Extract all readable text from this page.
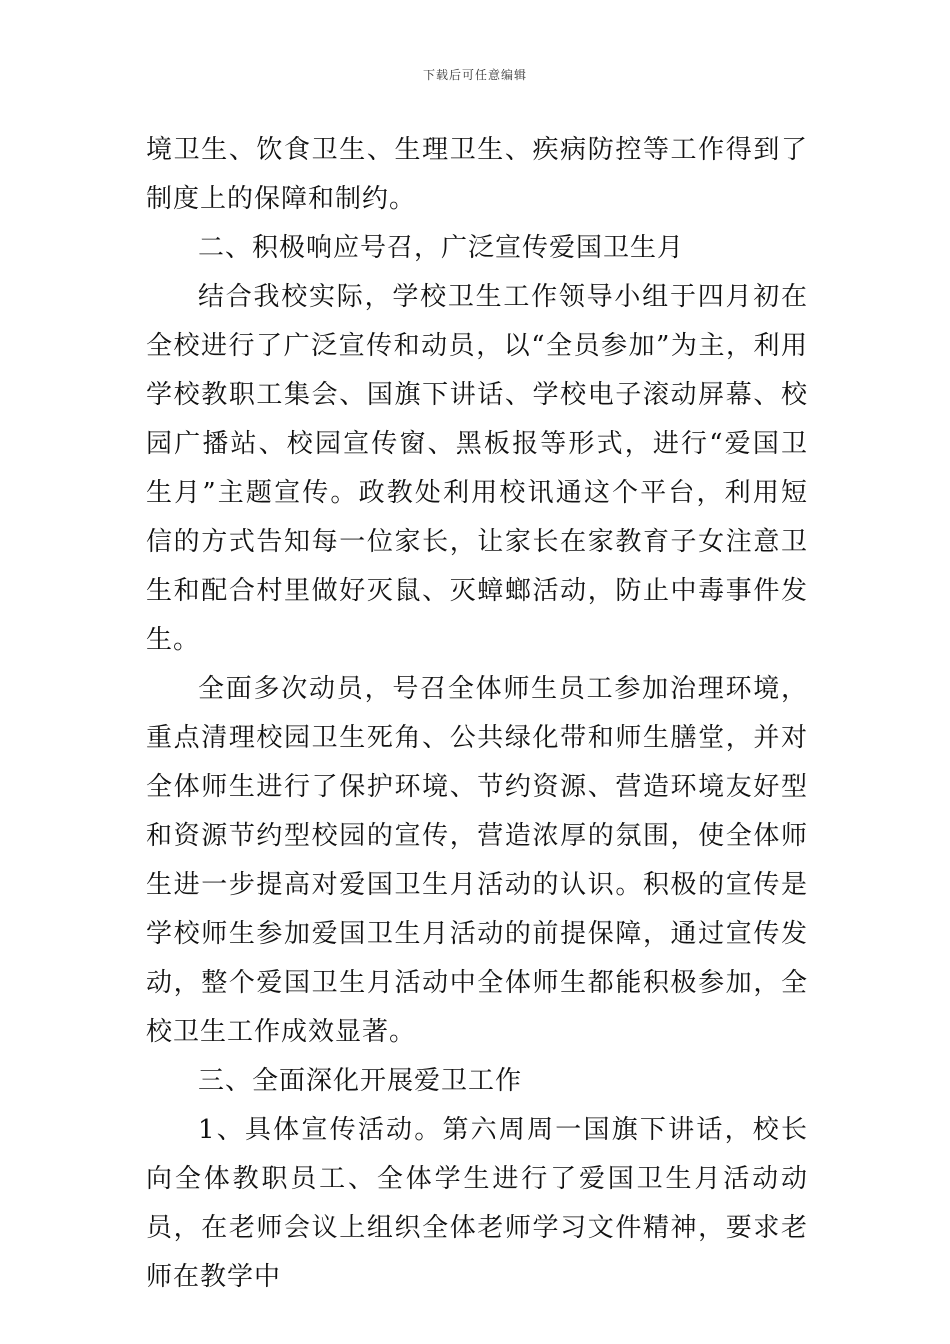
下载后可任意编辑

境卫生、饮食卫生、生理卫生、疾病防控等工作得到了制度上的保障和制约。

二、积极响应号召，广泛宣传爱国卫生月

结合我校实际，学校卫生工作领导小组于四月初在全校进行了广泛宣传和动员，以“全员参加”为主，利用学校教职工集会、国旗下讲话、学校电子滚动屏幕、校园广播站、校园宣传窗、黑板报等形式，进行“爱国卫生月”主题宣传。政教处利用校讯通这个平台，利用短信的方式告知每一位家长，让家长在家教育子女注意卫生和配合村里做好灭鼠、灭蟑螂活动，防止中毒事件发生。

全面多次动员，号召全体师生员工参加治理环境，重点清理校园卫生死角、公共绿化带和师生膳堂，并对全体师生进行了保护环境、节约资源、营造环境友好型和资源节约型校园的宣传，营造浓厚的氛围，使全体师生进一步提高对爱国卫生月活动的认识。积极的宣传是学校师生参加爱国卫生月活动的前提保障，通过宣传发动，整个爱国卫生月活动中全体师生都能积极参加，全校卫生工作成效显著。

三、全面深化开展爱卫工作

1、具体宣传活动。第六周周一国旗下讲话，校长向全体教职员工、全体学生进行了爱国卫生月活动动员，在老师会议上组织全体老师学习文件精神，要求老师在教学中
